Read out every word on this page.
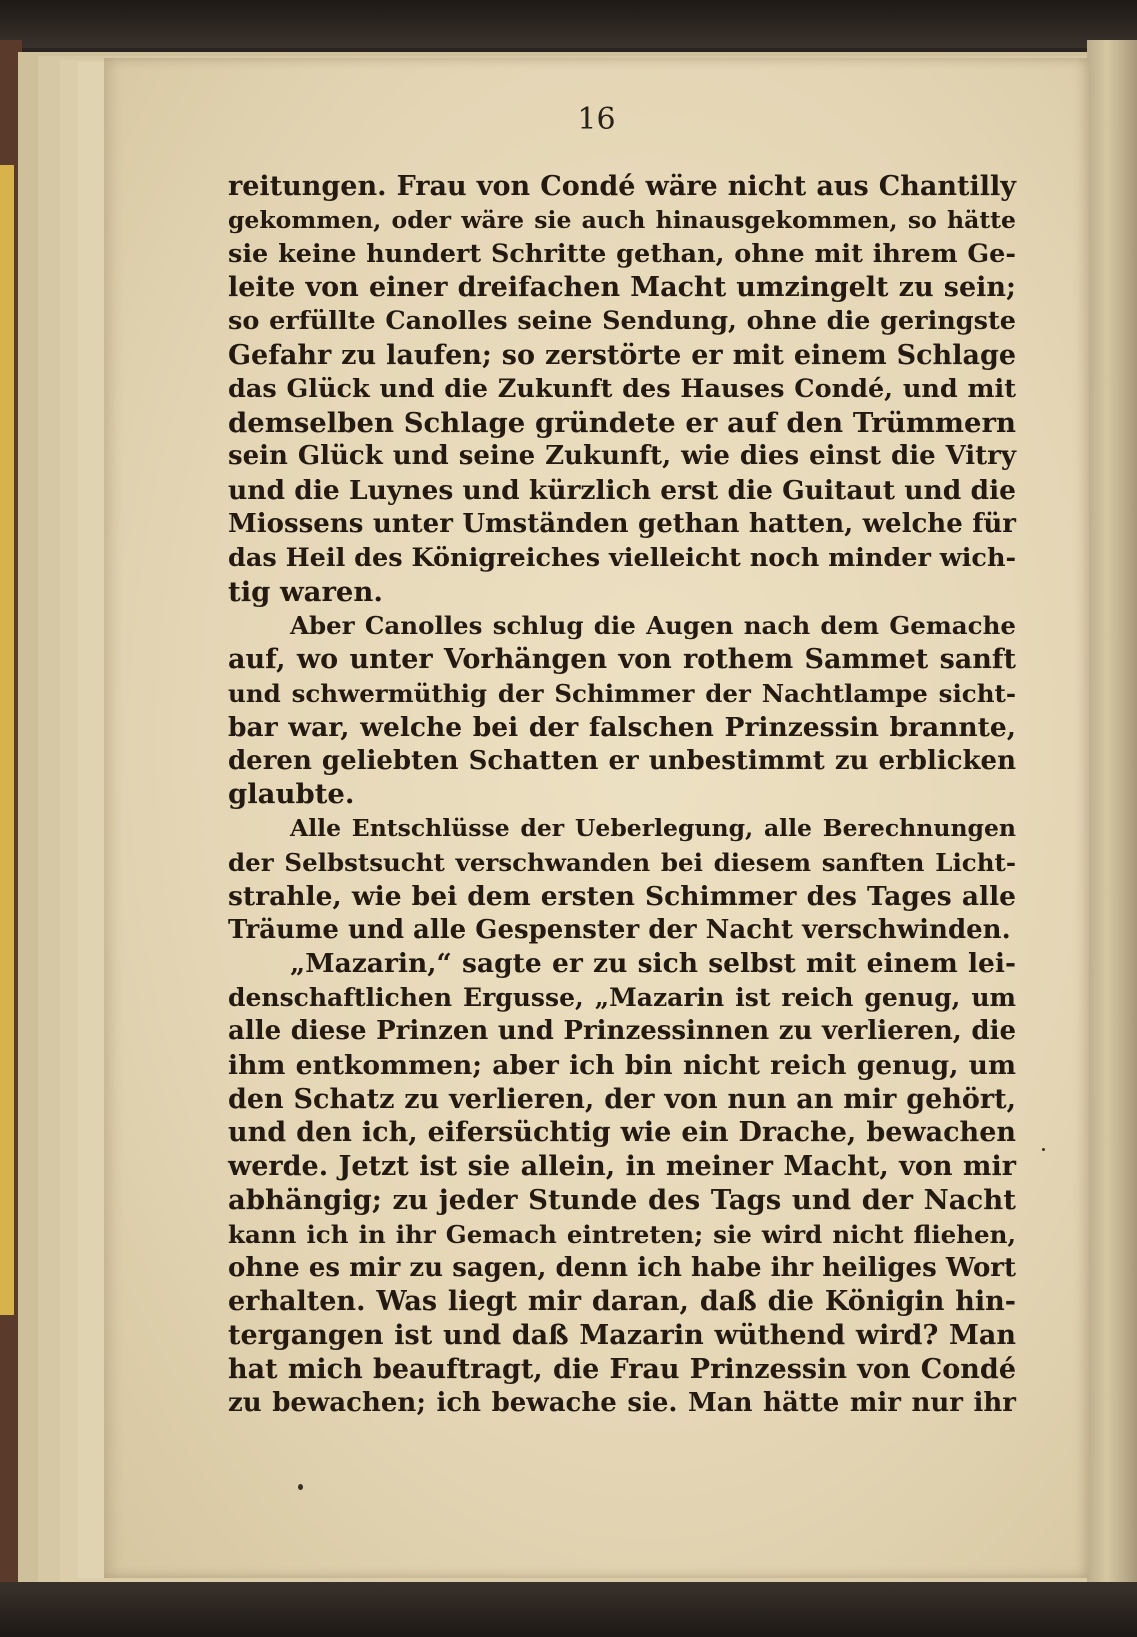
16
reitungen. Frau von Condé wäre nicht aus Chantilly
gekommen, oder wäre sie auch hinausgekommen, so hätte
sie keine hundert Schritte gethan, ohne mit ihrem Ge-
leite von einer dreifachen Macht umzingelt zu sein;
so erfüllte Canolles seine Sendung, ohne die geringste
Gefahr zu laufen; so zerstörte er mit einem Schlage
das Glück und die Zukunft des Hauses Condé, und mit
demselben Schlage gründete er auf den Trümmern
sein Glück und seine Zukunft, wie dies einst die Vitry
und die Luynes und kürzlich erst die Guitaut und die
Miossens unter Umständen gethan hatten, welche für
das Heil des Königreiches vielleicht noch minder wich-
tig waren.
Aber Canolles schlug die Augen nach dem Gemache
auf, wo unter Vorhängen von rothem Sammet sanft
und schwermüthig der Schimmer der Nachtlampe sicht-
bar war, welche bei der falschen Prinzessin brannte,
deren geliebten Schatten er unbestimmt zu erblicken
glaubte.
Alle Entschlüsse der Ueberlegung, alle Berechnungen
der Selbstsucht verschwanden bei diesem sanften Licht-
strahle, wie bei dem ersten Schimmer des Tages alle
Träume und alle Gespenster der Nacht verschwinden.
„Mazarin,“ sagte er zu sich selbst mit einem lei-
denschaftlichen Ergusse, „Mazarin ist reich genug, um
alle diese Prinzen und Prinzessinnen zu verlieren, die
ihm entkommen; aber ich bin nicht reich genug, um
den Schatz zu verlieren, der von nun an mir gehört,
und den ich, eifersüchtig wie ein Drache, bewachen
werde. Jetzt ist sie allein, in meiner Macht, von mir
abhängig; zu jeder Stunde des Tags und der Nacht
kann ich in ihr Gemach eintreten; sie wird nicht fliehen,
ohne es mir zu sagen, denn ich habe ihr heiliges Wort
erhalten. Was liegt mir daran, daß die Königin hin-
tergangen ist und daß Mazarin wüthend wird? Man
hat mich beauftragt, die Frau Prinzessin von Condé
zu bewachen; ich bewache sie. Man hätte mir nur ihr
